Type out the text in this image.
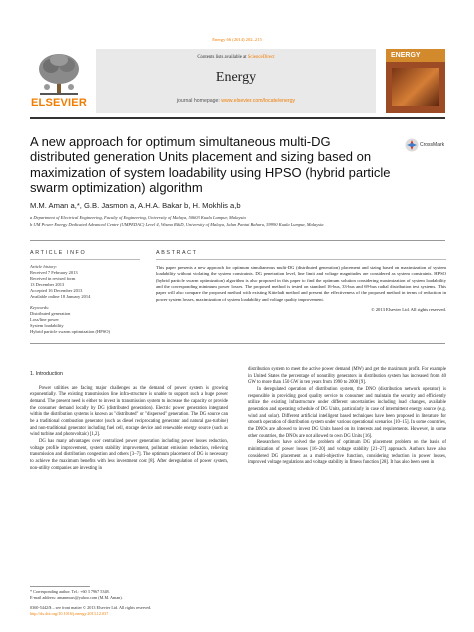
Energy 66 (2014) 202–215
ELSEVIER
Contents lists available at ScienceDirect
Energy
journal homepage: www.elsevier.com/locate/energy
ENERGY
A new approach for optimum simultaneous multi-DG distributed generation Units placement and sizing based on maximization of system loadability using HPSO (hybrid particle swarm optimization) algorithm
CrossMark
M.M. Aman a,*, G.B. Jasmon a, A.H.A. Bakar b, H. Mokhlis a,b
a Department of Electrical Engineering, Faculty of Engineering, University of Malaya, 50603 Kuala Lumpur, Malaysia
b UM Power Energy Dedicated Advanced Centre (UMPEDAC) Level 4, Wisma R&D, University of Malaya, Jalan Pantai Baharu, 59990 Kuala Lumpur, Malaysia
ARTICLE INFO	ABSTRACT
Article history:
Received 7 February 2013
Received in revised form
13 December 2013
Accepted 16 December 2013
Available online 18 January 2014
Keywords:
Distributed generation
Loss/line power
System loadability
Hybrid particle swarm optimization (HPSO)
This paper presents a new approach for optimum simultaneous multi-DG (distributed generation) placement and sizing based on maximization of system loadability without violating the system constraints. DG penetration level, line limit and voltage magnitudes are considered as system constraints. HPSO (hybrid particle swarm optimization) algorithm is also proposed in this paper to find the optimum solution considering maximization of system loadability and the corresponding minimum power losses. The proposed method is tested on standard 16-bus, 33-bus and 69-bus radial distribution test systems. This paper will also compare the proposed method with existing Kitteladi method and present the effectiveness of the proposed method in terms of reduction in power system losses, maximization of system loadability and voltage quality improvement.
© 2013 Elsevier Ltd. All rights reserved.
1. Introduction

Power utilities are facing major challenges as the demand of power system is growing exponentially. The existing transmission line infra-structure is unable to support such a huge power demand. The present need is either to invest in transmission system to increase the capacity or provide the consumer demand locally by DG (distributed generation). Electric power generation integrated within the distribution systems is known as "distributed" or "dispersed" generation. The DG source can be a traditional combustion generator (such as diesel reciprocating generator and natural gas-turbine) and non-traditional generator including fuel cell, storage device and renewable energy source (such as wind turbine and photovoltaic) [1,2].

DG has many advantages over centralized power generation including power losses reduction, voltage profile improvement, system stability improvement, pollutant emission reduction, relieving transmission and distribution congestion and others [3–7]. The optimum placement of DG is necessary to achieve the maximum benefits with less investment cost [8]. After deregulation of power system, non-utility companies are investing in

distribution system to meet the active power demand (MW) and get the maximum profit. For example in United States the percentage of nonutility generators in distribution system has increased from 40 GW to more than 150 GW in ten years from 1990 to 2000 [9].

In deregulated operation of distribution system, the DNO (distribution network operator) is responsible in providing good quality service to consumer and maintain the security and efficiently utilize the existing infrastructure under different uncertainties including load changes, available generation and operating schedule of DG Units, particularly in case of intermittent energy source (e.g. wind and solar). Different artificial intelligent based techniques have been proposed in literature for smooth operation of distribution system under various operational scenarios [10–15]. In some countries, the DNOs are allowed to invest DG Units based on its interests and requirements. However, in some other countries, the DNOs are not allowed to own DG Units [16].

Researchers have solved the problem of optimum DG placement problem on the basis of minimization of power losses [16–20] and voltage stability [21–27] approach. Authors have also considered DG placement as a multi-objective function, considering reduction in power losses, improved voltage regulations and voltage stability in fitness function [28]. It has also been seen in

* Corresponding author. Tel.: +60 3 7967 5348.
E-mail address: amanmuss@yahoo.com (M.M. Aman).
0360-5442/$ – see front matter © 2013 Elsevier Ltd. All rights reserved.
http://dx.doi.org/10.1016/j.energy.2013.12.037
